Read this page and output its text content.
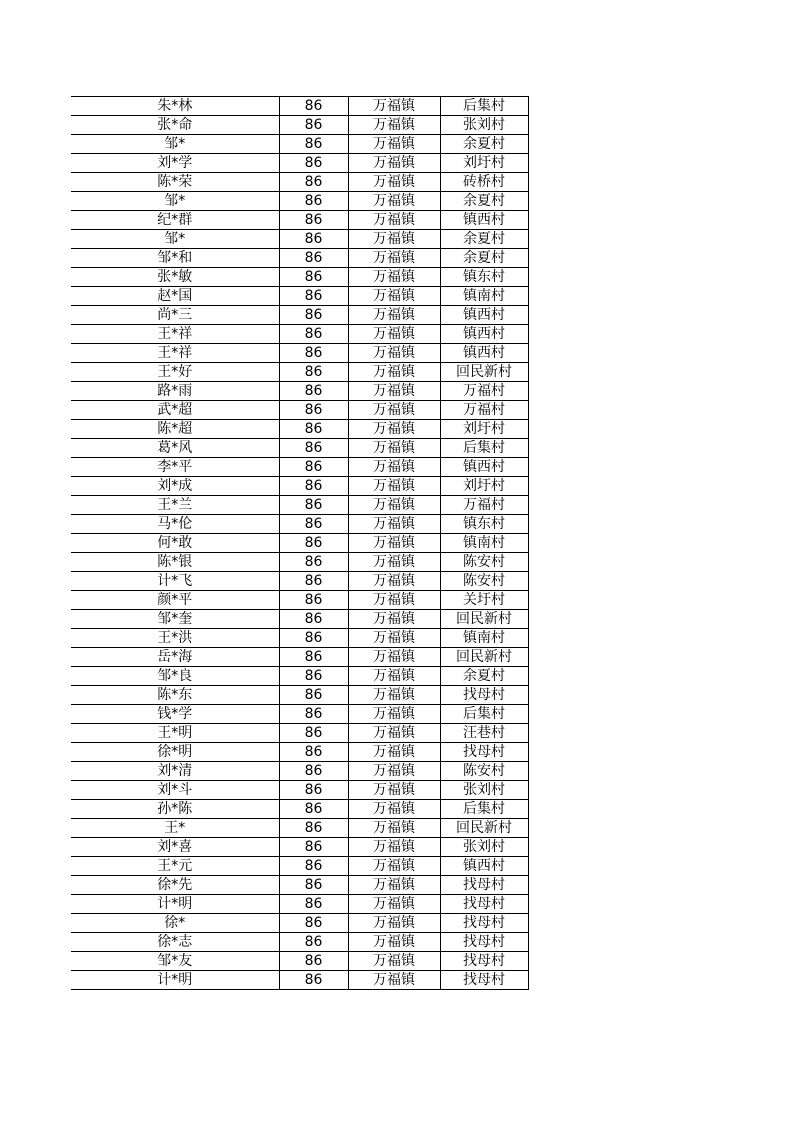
朱*林	86	万福镇	后集村
张*命	86	万福镇	张刘村
邹*	86	万福镇	余夏村
刘*学	86	万福镇	刘圩村
陈*荣	86	万福镇	砖桥村
邹*	86	万福镇	余夏村
纪*群	86	万福镇	镇西村
邹*	86	万福镇	余夏村
邹*和	86	万福镇	余夏村
张*敏	86	万福镇	镇东村
赵*国	86	万福镇	镇南村
尚*三	86	万福镇	镇西村
王*祥	86	万福镇	镇西村
王*祥	86	万福镇	镇西村
王*好	86	万福镇	回民新村
路*雨	86	万福镇	万福村
武*超	86	万福镇	万福村
陈*超	86	万福镇	刘圩村
葛*风	86	万福镇	后集村
李*平	86	万福镇	镇西村
刘*成	86	万福镇	刘圩村
王*兰	86	万福镇	万福村
马*伦	86	万福镇	镇东村
何*敢	86	万福镇	镇南村
陈*银	86	万福镇	陈安村
计*飞	86	万福镇	陈安村
颜*平	86	万福镇	关圩村
邹*奎	86	万福镇	回民新村
王*洪	86	万福镇	镇南村
岳*海	86	万福镇	回民新村
邹*良	86	万福镇	余夏村
陈*东	86	万福镇	找母村
钱*学	86	万福镇	后集村
王*明	86	万福镇	汪巷村
徐*明	86	万福镇	找母村
刘*清	86	万福镇	陈安村
刘*斗	86	万福镇	张刘村
孙*陈	86	万福镇	后集村
王*	86	万福镇	回民新村
刘*喜	86	万福镇	张刘村
王*元	86	万福镇	镇西村
徐*先	86	万福镇	找母村
计*明	86	万福镇	找母村
徐*	86	万福镇	找母村
徐*志	86	万福镇	找母村
邹*友	86	万福镇	找母村
计*明	86	万福镇	找母村
